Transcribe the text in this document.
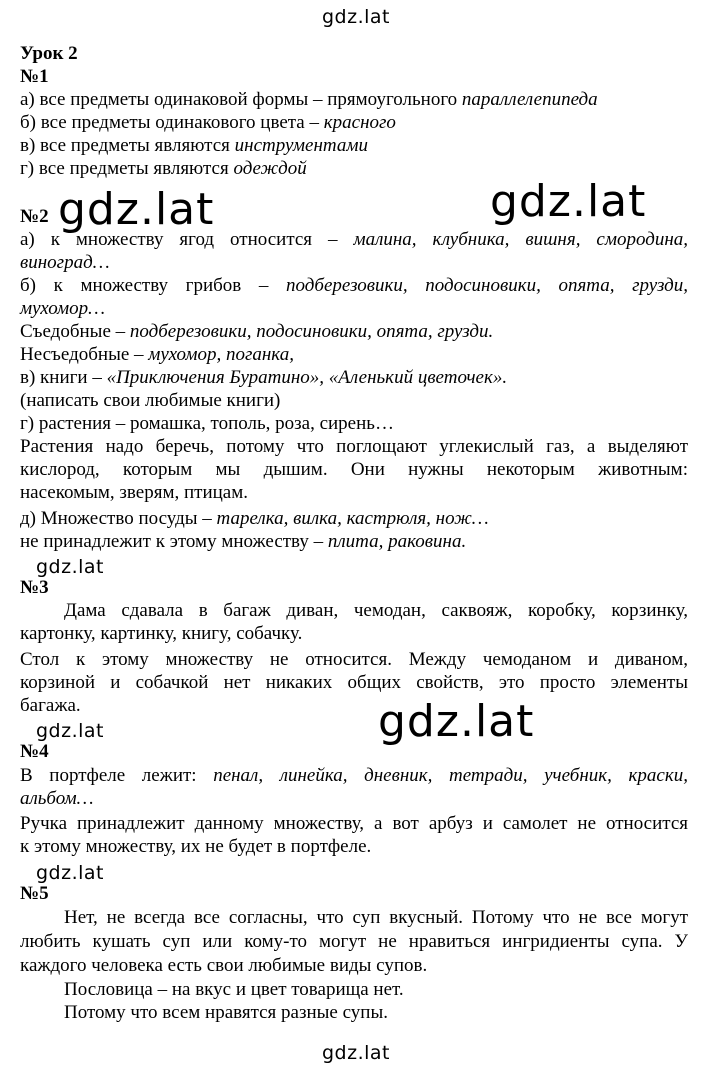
gdz.lat
gdz.lat	gdz.lat
gdz.lat
gdz.lat
gdz.lat
gdz.lat
gdz.lat
Урок 2
№1
а) все предметы одинаковой формы – прямоугольного параллелепипеда
б) все предметы одинакового цвета – красного
в) все предметы являются инструментами
г) все предметы являются одеждой
№2
а) к множеству ягод относится – малина, клубника, вишня, смородина,
виноград…
б) к множеству грибов – подберезовики, подосиновики, опята, грузди,
мухомор…
Съедобные – подберезовики, подосиновики, опята, грузди.
Несъедобные – мухомор, поганка,
в) книги – «Приключения Буратино», «Аленький цветочек».
(написать свои любимые книги)
г) растения – ромашка, тополь, роза, сирень…
Растения надо беречь, потому что поглощают углекислый газ, а выделяют
кислород, которым мы дышим. Они нужны некоторым животным:
насекомым, зверям, птицам.
д) Множество посуды – тарелка, вилка, кастрюля, нож…
не принадлежит к этому множеству – плита, раковина.
№3
Дама сдавала в багаж диван, чемодан, саквояж, коробку, корзинку,
картонку, картинку, книгу, собачку.
Стол к этому множеству не относится. Между чемоданом и диваном,
корзиной и собачкой нет никаких общих свойств, это просто элементы
багажа.
№4
В портфеле лежит: пенал, линейка, дневник, тетради, учебник, краски,
альбом…
Ручка принадлежит данному множеству, а вот арбуз и самолет не относится
к этому множеству, их не будет в портфеле.
№5
Нет, не всегда все согласны, что суп вкусный. Потому что не все могут
любить кушать суп или кому-то могут не нравиться ингридиенты супа. У
каждого человека есть свои любимые виды супов.
Пословица – на вкус и цвет товарища нет.
Потому что всем нравятся разные супы.
